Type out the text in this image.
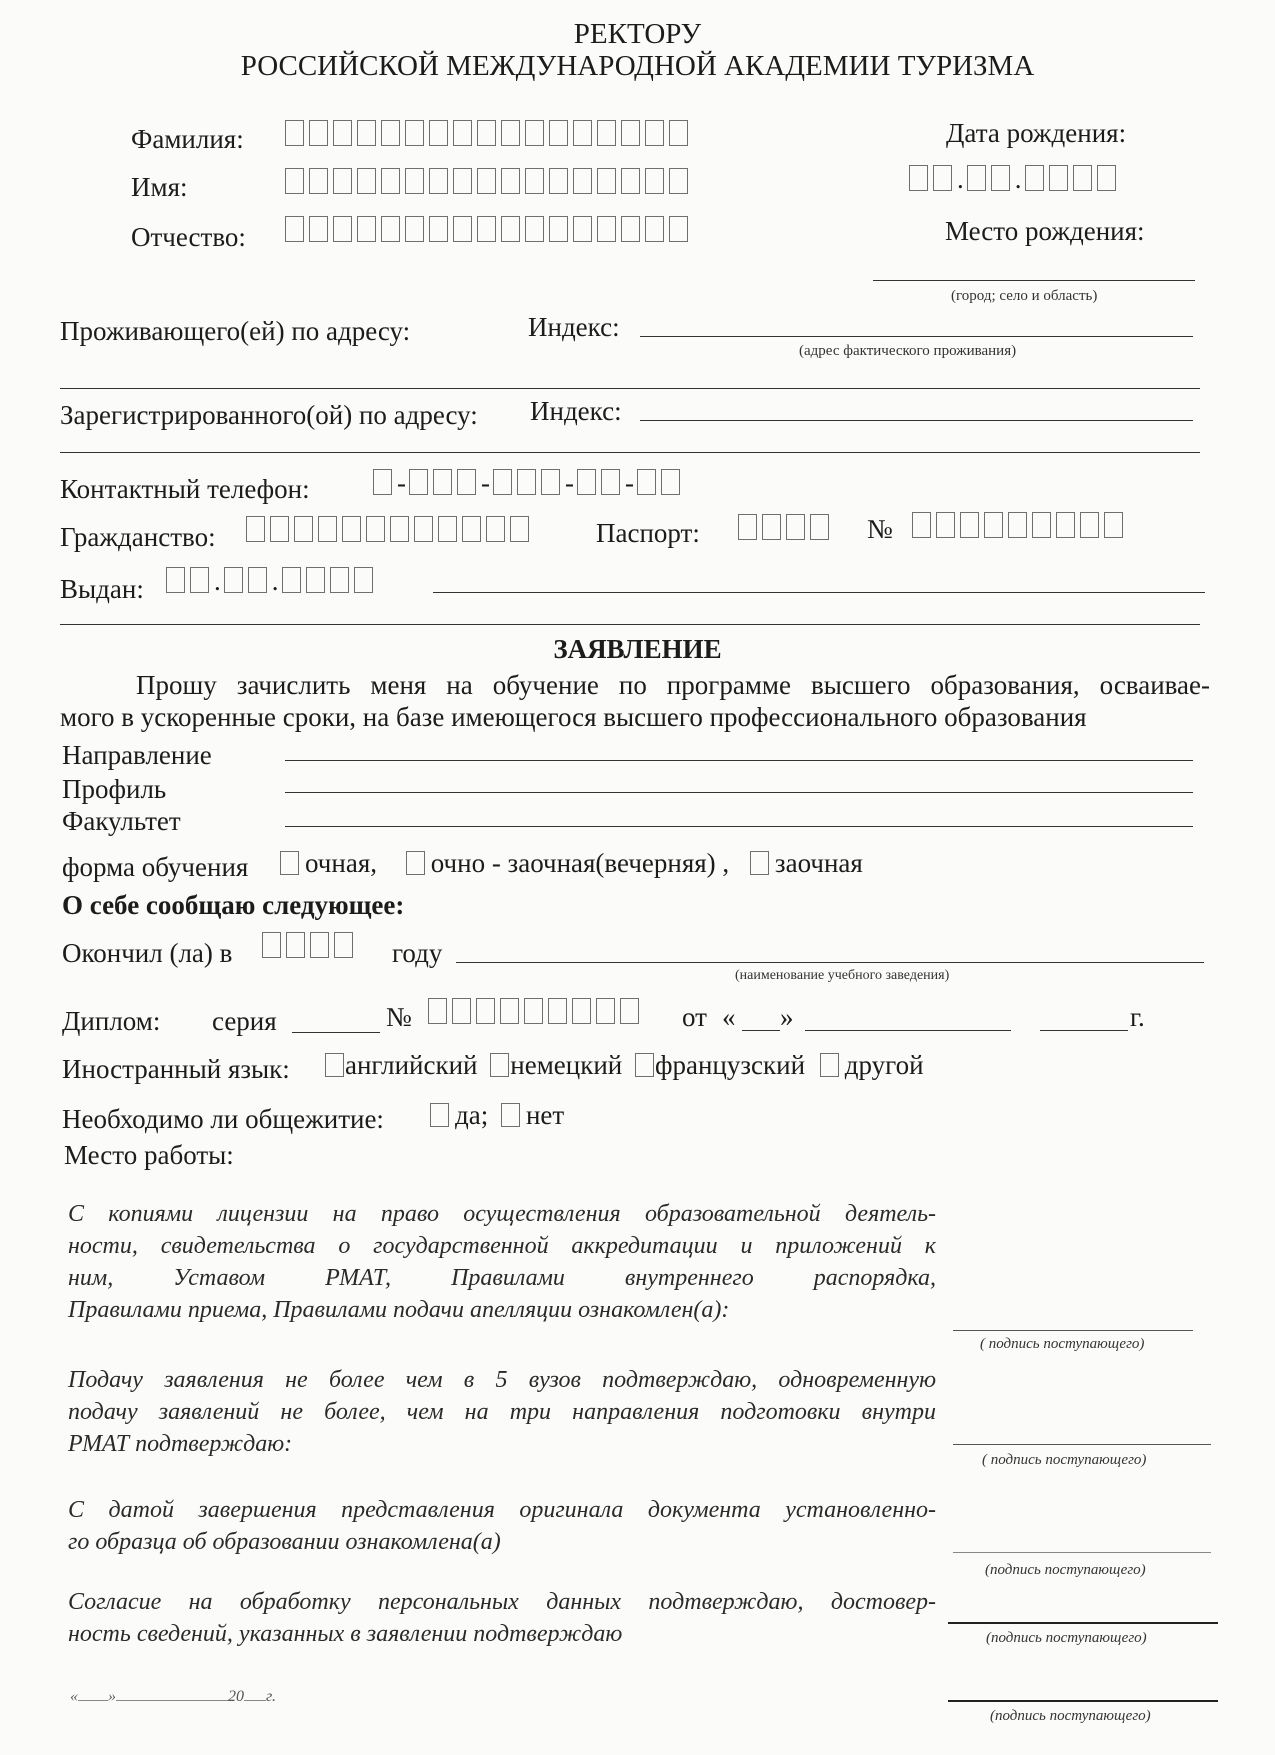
РЕКТОРУ
РОССИЙСКОЙ МЕЖДУНАРОДНОЙ АКАДЕМИИ ТУРИЗМА
Фамилия:
Имя:
Отчество:
Дата рождения:
. .
Место рождения:
(город; село и область)
Проживающего(ей) по адресу:	Индекс:
(адрес фактического проживания)
Зарегистрированного(ой) по адресу: Индекс:
Контактный телефон:	-	-	- -
Гражданство:	Паспорт:	№
Выдан:	. .
ЗАЯВЛЕНИЕ
Прошу зачислить меня на обучение по программе высшего образования, осваивае-
мого в ускоренные сроки, на базе имеющегося высшего профессионального образования
Направление
Профиль
Факультет
форма обучения	очная, очно - заочная(вечерняя) , заочная
О себе сообщаю следующее:
Окончил (ла) в	году
(наименование учебного заведения)
Диплом: серия	№	от « »	г.
Иностранный язык:	английский немецкий французский другой
Необходимо ли общежитие:	да; нет
Место работы:
С копиями лицензии на право осуществления образовательной деятель-
ности, свидетельства о государственной аккредитации и приложений к
ним, Уставом РМАТ, Правилами внутреннего распорядка,
Правилами приема, Правилами подачи апелляции ознакомлен(а):
( подпись поступающего)
Подачу заявления не более чем в 5 вузов подтверждаю, одновременную
подачу заявлений не более, чем на три направления подготовки внутри
РМАТ подтверждаю:
( подпись поступающего)
С датой завершения представления оригинала документа установленно-
го образца об образовании ознакомлена(а)
(подпись поступающего)
Согласие на обработку персональных данных подтверждаю, достовер-
ность сведений, указанных в заявлении подтверждаю	(подпись поступающего)
« »	20 г.
(подпись поступающего)
